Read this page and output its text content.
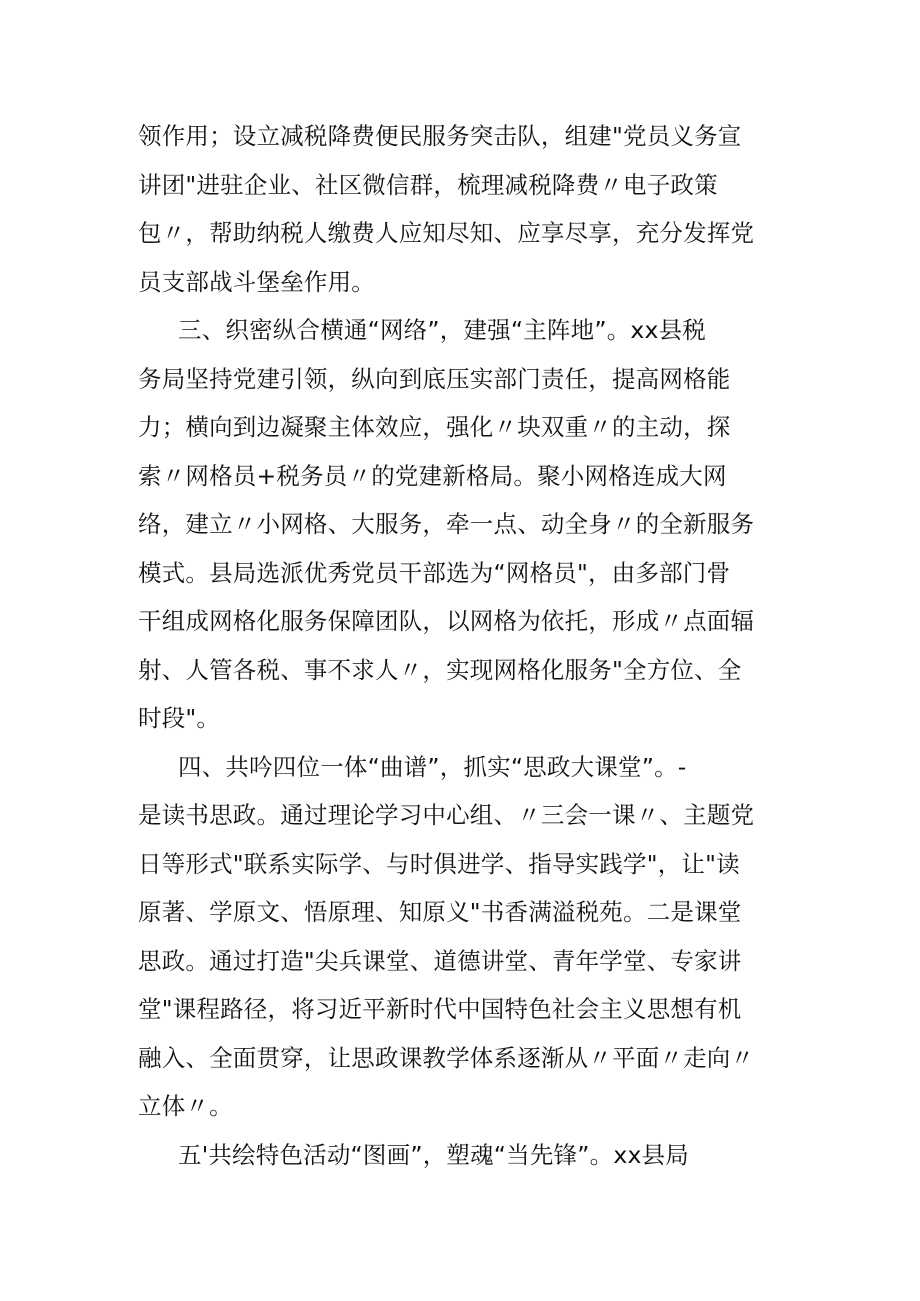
领作用；设立减税降费便民服务突击队，组建"党员义务宣
讲团"进驻企业、社区微信群，梳理减税降费〃电子政策
包〃，帮助纳税人缴费人应知尽知、应享尽享，充分发挥党
员支部战斗堡垒作用。
三、织密纵合横通“网络”，建强“主阵地”。xx县税
务局坚持党建引领，纵向到底压实部门责任，提高网格能
力；横向到边凝聚主体效应，强化〃块双重〃的主动，探
索〃网格员+税务员〃的党建新格局。聚小网格连成大网
络，建立〃小网格、大服务，牵一点、动全身〃的全新服务
模式。县局选派优秀党员干部选为“网格员"，由多部门骨
干组成网格化服务保障团队，以网格为依托，形成〃点面辐
射、人管各税、事不求人〃，实现网格化服务"全方位、全
时段"。
四、共吟四位一体“曲谱”，抓实“思政大课堂”。-
是读书思政。通过理论学习中心组、〃三会一课〃、主题党
日等形式"联系实际学、与时俱进学、指导实践学"，让"读
原著、学原文、悟原理、知原义"书香满溢税苑。二是课堂
思政。通过打造"尖兵课堂、道德讲堂、青年学堂、专家讲
堂"课程路径，将习近平新时代中国特色社会主义思想有机
融入、全面贯穿，让思政课教学体系逐渐从〃平面〃走向〃
立体〃。
五'共绘特色活动“图画”，塑魂“当先锋”。xx县局
